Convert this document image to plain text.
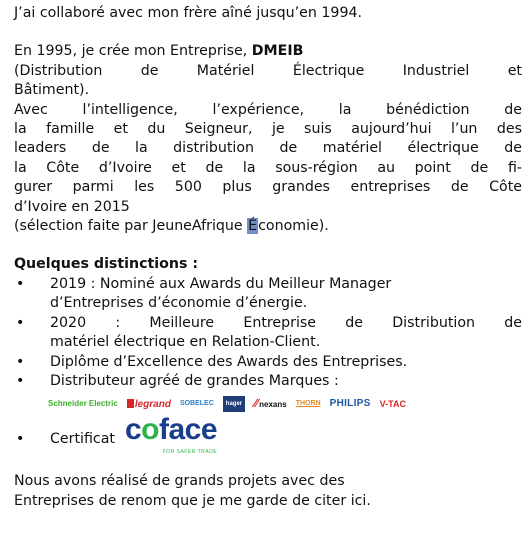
J’ai collaboré avec mon frère aîné jusqu’en 1994.
En 1995, je crée mon Entreprise, DMEIB
(Distribution de Matériel Électrique Industriel et
Bâtiment).
Avec l’intelligence, l’expérience, la bénédiction de
la famille et du Seigneur, je suis aujourd’hui l’un des
leaders de la distribution de matériel électrique de
la Côte d’Ivoire et de la sous-région au point de fi-
gurer parmi les 500 plus grandes entreprises de Côte
d’Ivoire en 2015
(sélection faite par JeuneAfrique Économie).
Quelques distinctions :
• 2019 : Nominé aux Awards du Meilleur Manager
d’Entreprises d’économie d’énergie.
• 2020 : Meilleure Entreprise de Distribution de
matériel électrique en Relation-Client.
• Diplôme d’Excellence des Awards des Entreprises.
• Distributeur agréé de grandes Marques :
Schneider Electric	legrand SOBELEC	hager ∕∕nexans THORN PHILIPS V-TAC
•	Certificat coface
FOR SAFER TRADE
Nous avons réalisé de grands projets avec des
Entreprises de renom que je me garde de citer ici.
